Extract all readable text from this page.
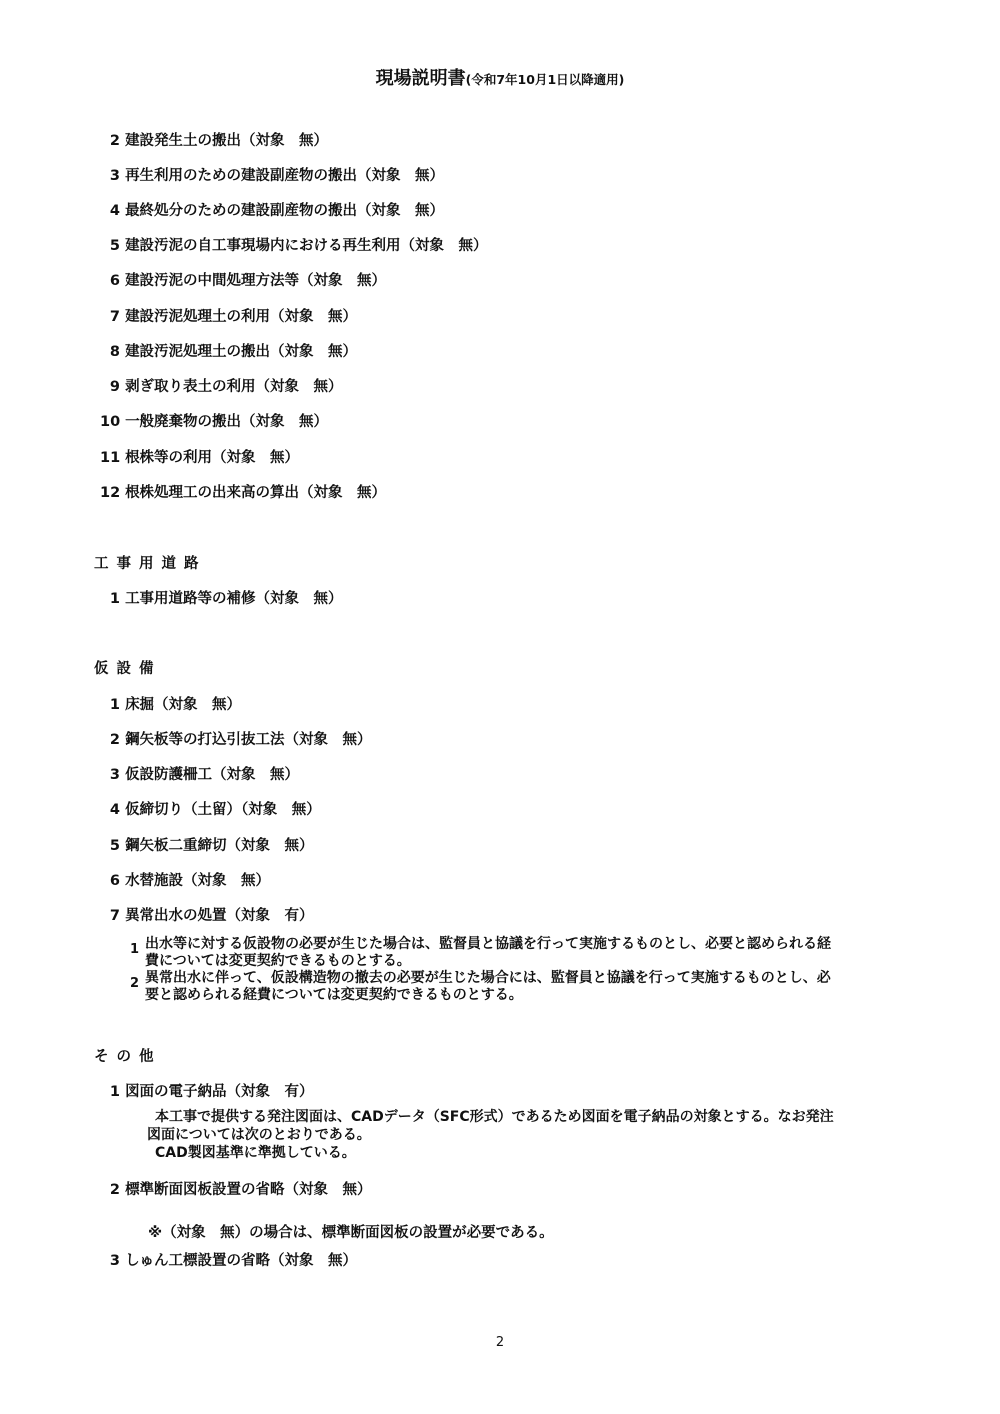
現場説明書(令和7年10月1日以降適用)
2 建設発生土の搬出（対象　無）
3 再生利用のための建設副産物の搬出（対象　無）
4 最終処分のための建設副産物の搬出（対象　無）
5 建設汚泥の自工事現場内における再生利用（対象　無）
6 建設汚泥の中間処理方法等（対象　無）
7 建設汚泥処理土の利用（対象　無）
8 建設汚泥処理土の搬出（対象　無）
9 剥ぎ取り表土の利用（対象　無）
10 一般廃棄物の搬出（対象　無）
11 根株等の利用（対象　無）
12 根株処理工の出来高の算出（対象　無）
工事用道路
1 工事用道路等の補修（対象　無）
仮設備
1 床掘（対象　無）
2 鋼矢板等の打込引抜工法（対象　無）
3 仮設防護柵工（対象　無）
4 仮締切り（土留）（対象　無）
5 鋼矢板二重締切（対象　無）
6 水替施設（対象　無）
7 異常出水の処置（対象　有）
1 出水等に対する仮設物の必要が生じた場合は、監督員と協議を行って実施するものとし、必要と認められる経
費については変更契約できるものとする。
2 異常出水に伴って、仮設構造物の撤去の必要が生じた場合には、監督員と協議を行って実施するものとし、必
要と認められる経費については変更契約できるものとする。
その他
1 図面の電子納品（対象　有）
本工事で提供する発注図面は、CADデータ（SFC形式）であるため図面を電子納品の対象とする。なお発注
図面については次のとおりである。
CAD製図基準に準拠している。
2 標準断面図板設置の省略（対象　無）
※（対象　無）の場合は、標準断面図板の設置が必要である。
3 しゅん工標設置の省略（対象　無）
2
